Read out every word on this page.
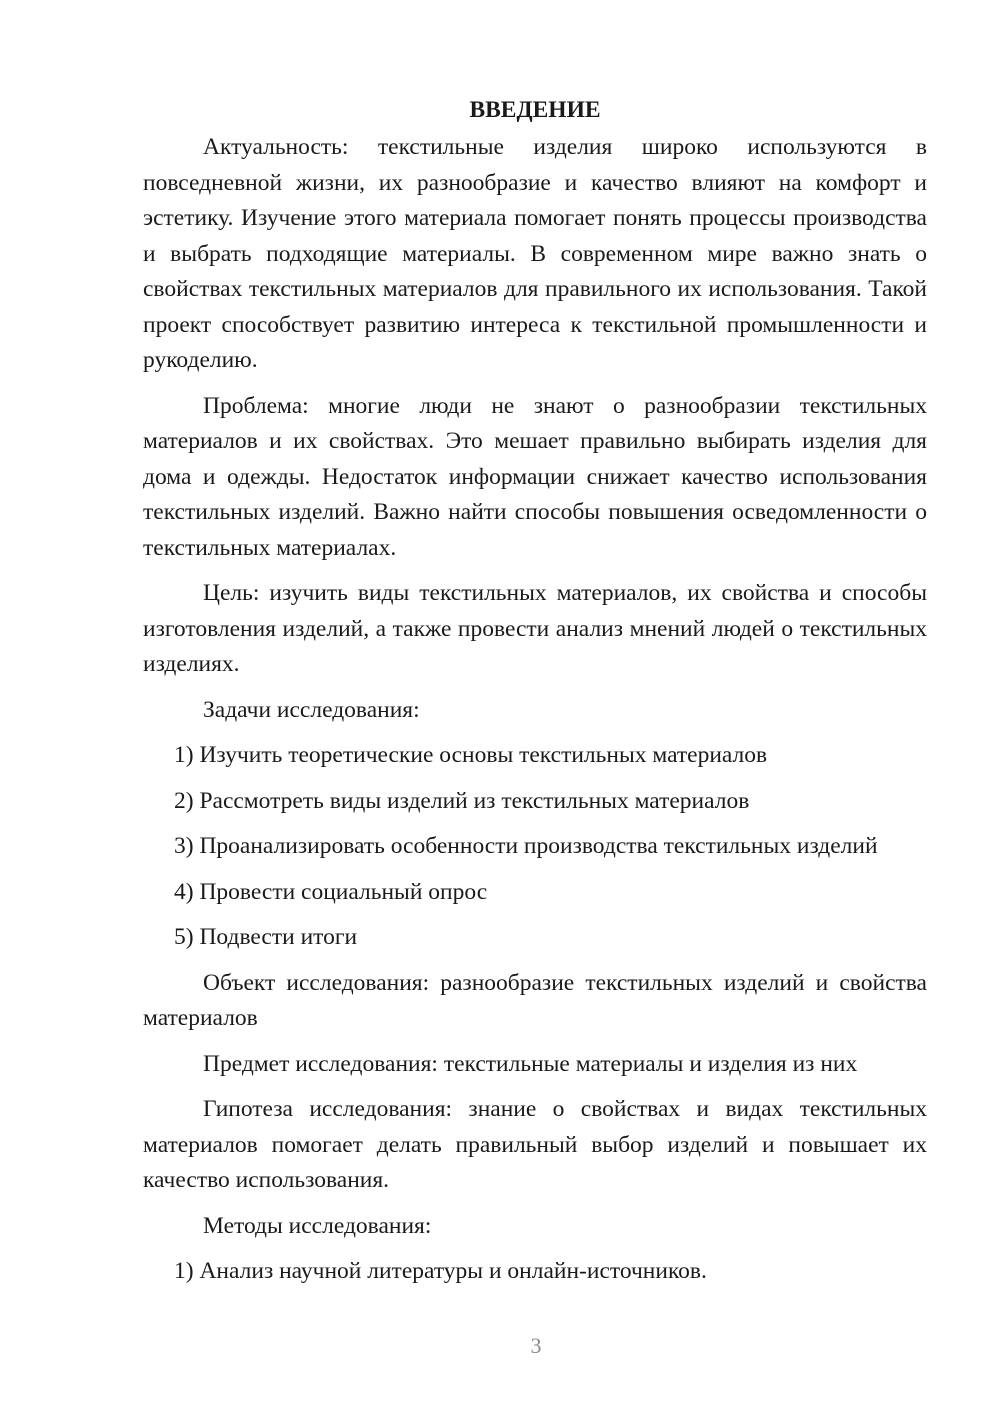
ВВЕДЕНИЕ

Актуальность: текстильные изделия широко используются в повседневной жизни, их разнообразие и качество влияют на комфорт и эстетику. Изучение этого материала помогает понять процессы производства и выбрать подходящие материалы. В современном мире важно знать о свойствах текстильных материалов для правильного их использования. Такой проект способствует развитию интереса к текстильной промышленности и рукоделию.

Проблема: многие люди не знают о разнообразии текстильных материалов и их свойствах. Это мешает правильно выбирать изделия для дома и одежды. Недостаток информации снижает качество использования текстильных изделий. Важно найти способы повышения осведомленности о текстильных материалах.

Цель: изучить виды текстильных материалов, их свойства и способы изготовления изделий, а также провести анализ мнений людей о текстильных изделиях.

Задачи исследования:

1) Изучить теоретические основы текстильных материалов

2) Рассмотреть виды изделий из текстильных материалов

3) Проанализировать особенности производства текстильных изделий

4) Провести социальный опрос

5) Подвести итоги

Объект исследования: разнообразие текстильных изделий и свойства материалов

Предмет исследования: текстильные материалы и изделия из них

Гипотеза исследования: знание о свойствах и видах текстильных материалов помогает делать правильный выбор изделий и повышает их качество использования.

Методы исследования:

1) Анализ научной литературы и онлайн-источников.

3
